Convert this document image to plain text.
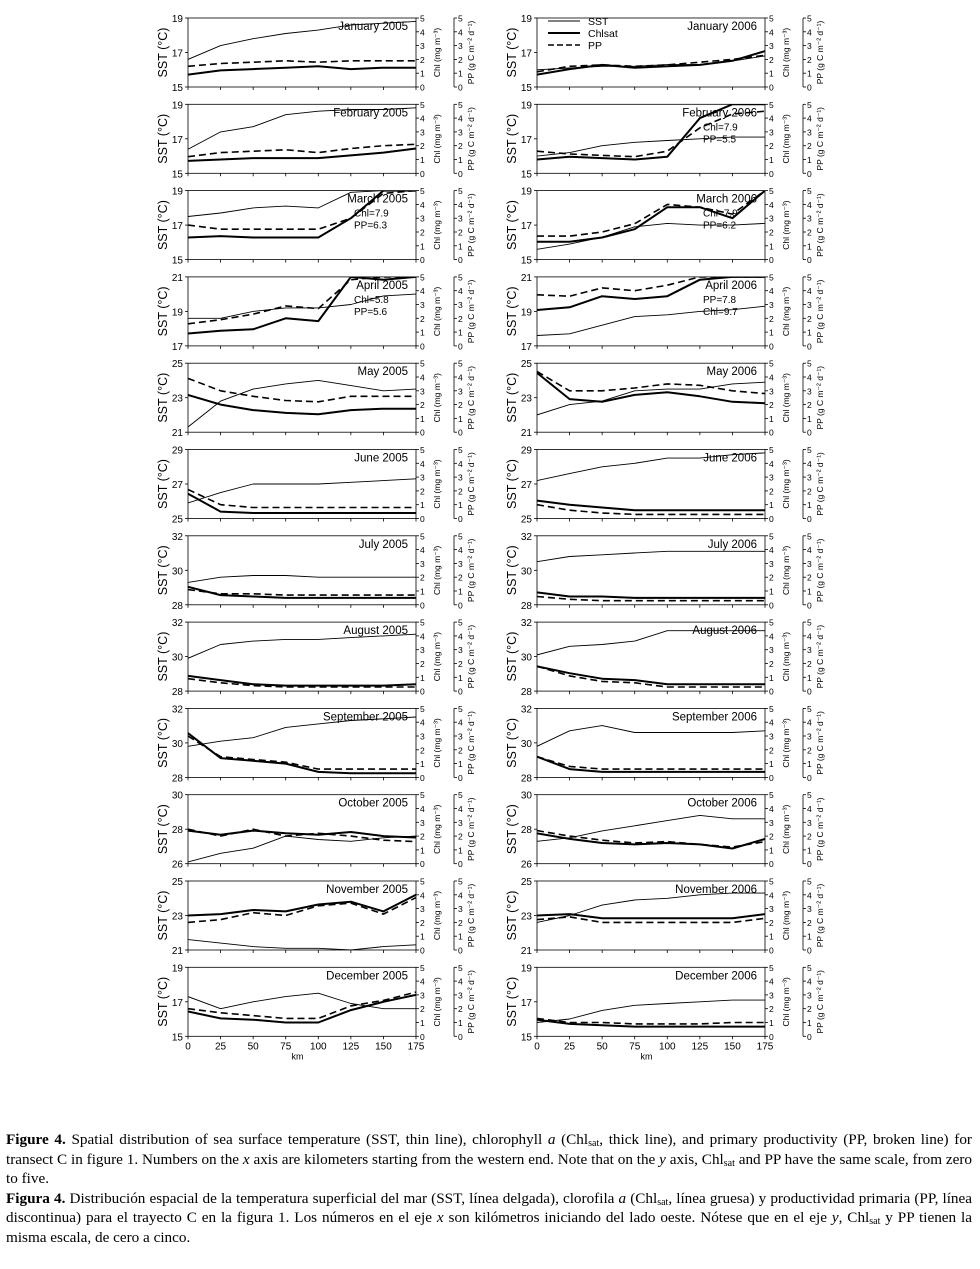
15
17
19
SST (°C)
0	0
1	1
2	2
3	3
4	4
5	5
Chl (mg m⁻³)	PP (g C m⁻² d⁻¹)
January 2005
15
17
19
SST (°C)
0	0
1	1
2	2
3	3
4	4
5	5
Chl (mg m⁻³)	PP (g C m⁻² d⁻¹)
January 2006
15
17
19
SST (°C)
0	0
1	1
2	2
3	3
4	4
5	5
Chl (mg m⁻³)	PP (g C m⁻² d⁻¹)
February 2005
15
17
19
SST (°C)
0	0
1	1
2	2
3	3
4	4
5	5
Chl (mg m⁻³)	PP (g C m⁻² d⁻¹)
February 2006
Chl=7.9
PP=5.5
15
17
19
SST (°C)
0	0
1	1
2	2
3	3
4	4
5	5
Chl (mg m⁻³)	PP (g C m⁻² d⁻¹)
March 2005
Chl=7.9
PP=6.3
15
17
19
SST (°C)
0	0
1	1
2	2
3	3
4	4
5	5
Chl (mg m⁻³)	PP (g C m⁻² d⁻¹)
March 2006
Chl=7.9
PP=6.2
17
19
21
SST (°C)
0	0
1	1
2	2
3	3
4	4
5	5
Chl (mg m⁻³)	PP (g C m⁻² d⁻¹)
April 2005
Chl=5.8
PP=5.6
17
19
21
SST (°C)
0	0
1	1
2	2
3	3
4	4
5	5
Chl (mg m⁻³)	PP (g C m⁻² d⁻¹)
April 2006
PP=7.8
Chl=9.7
21
23
25
SST (°C)
0	0
1	1
2	2
3	3
4	4
5	5
Chl (mg m⁻³)	PP (g C m⁻² d⁻¹)
May 2005
21
23
25
SST (°C)
0	0
1	1
2	2
3	3
4	4
5	5
Chl (mg m⁻³)	PP (g C m⁻² d⁻¹)
May 2006
25
27
29
SST (°C)
0	0
1	1
2	2
3	3
4	4
5	5
Chl (mg m⁻³)	PP (g C m⁻² d⁻¹)
June 2005
25
27
29
SST (°C)
0	0
1	1
2	2
3	3
4	4
5	5
Chl (mg m⁻³)	PP (g C m⁻² d⁻¹)
June 2006
28
30
32
SST (°C)
0	0
1	1
2	2
3	3
4	4
5	5
Chl (mg m⁻³)	PP (g C m⁻² d⁻¹)
July 2005
28
30
32
SST (°C)
0	0
1	1
2	2
3	3
4	4
5	5
Chl (mg m⁻³)	PP (g C m⁻² d⁻¹)
July 2006
28
30
32
SST (°C)
0	0
1	1
2	2
3	3
4	4
5	5
Chl (mg m⁻³)	PP (g C m⁻² d⁻¹)
August 2005
28
30
32
SST (°C)
0	0
1	1
2	2
3	3
4	4
5	5
Chl (mg m⁻³)	PP (g C m⁻² d⁻¹)
August 2006
28
30
32
SST (°C)
0	0
1	1
2	2
3	3
4	4
5	5
Chl (mg m⁻³)	PP (g C m⁻² d⁻¹)
September 2005
28
30
32
SST (°C)
0	0
1	1
2	2
3	3
4	4
5	5
Chl (mg m⁻³)	PP (g C m⁻² d⁻¹)
September 2006
26
28
30
SST (°C)
0	0
1	1
2	2
3	3
4	4
5	5
Chl (mg m⁻³)	PP (g C m⁻² d⁻¹)
October 2005
26
28
30
SST (°C)
0	0
1	1
2	2
3	3
4	4
5	5
Chl (mg m⁻³)	PP (g C m⁻² d⁻¹)
October 2006
21
23
25
SST (°C)
0	0
1	1
2	2
3	3
4	4
5	5
Chl (mg m⁻³)	PP (g C m⁻² d⁻¹)
November 2005
21
23
25
SST (°C)
0	0
1	1
2	2
3	3
4	4
5	5
Chl (mg m⁻³)	PP (g C m⁻² d⁻¹)
November 2006
15
17
19
SST (°C)
0	0
1	1
2	2
3	3
4	4
5	5
Chl (mg m⁻³)	PP (g C m⁻² d⁻¹)
December 2005
15
17
19
SST (°C)
0	0
1	1
2	2
3	3
4	4
5	5
Chl (mg m⁻³)	PP (g C m⁻² d⁻¹)
December 2006
0 25 50 75 100 125 150 175
km
0 25 50 75 100 125 150 175
km
SST
Chlsat
PP

Figure 4. Spatial distribution of sea surface temperature (SST, thin line), chlorophyll a (Chl$_{sat}$, thick line), and primary productivity (PP, broken line) for transect C in figure 1. Numbers on the x axis are kilometers starting from the western end. Note that on the y axis, Chl$_{sat}$ and PP have the same scale, from zero to five.

Figura 4. Distribución espacial de la temperatura superficial del mar (SST, línea delgada), clorofila a (Chl$_{sat}$, línea gruesa) y productividad primaria (PP, línea discontinua) para el trayecto C en la figura 1. Los números en el eje x son kilómetros iniciando del lado oeste. Nótese que en el eje y, Chl$_{sat}$ y PP tienen la misma escala, de cero a cinco.
